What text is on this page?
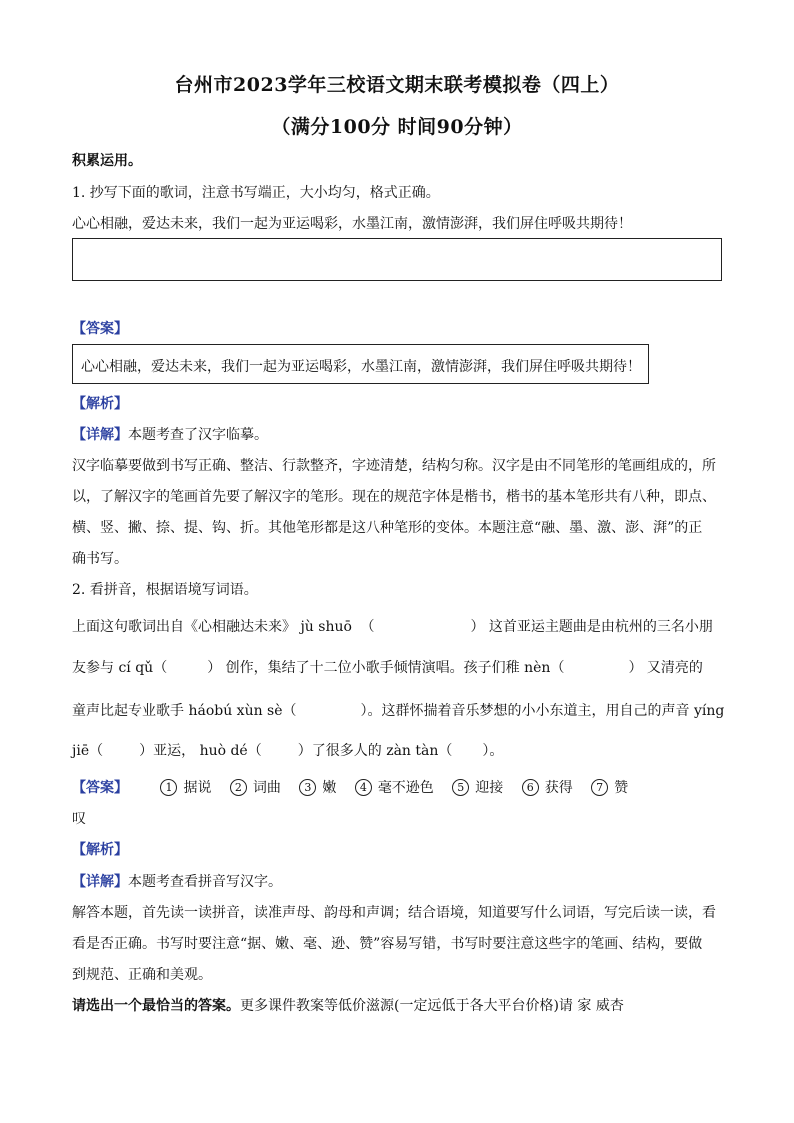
台州市2023学年三校语文期末联考模拟卷（四上）
（满分100分 时间90分钟）
积累运用。
1. 抄写下面的歌词，注意书写端正，大小均匀，格式正确。
心心相融，爱达未来，我们一起为亚运喝彩，水墨江南，激情澎湃，我们屏住呼吸共期待！
【答案】
心心相融，爱达未来，我们一起为亚运喝彩，水墨江南，激情澎湃，我们屏住呼吸共期待！
【解析】
【详解】本题考查了汉字临摹。
汉字临摹要做到书写正确、整洁、行款整齐，字迹清楚，结构匀称。汉字是由不同笔形的笔画组成的，所
以，了解汉字的笔画首先要了解汉字的笔形。现在的规范字体是楷书，楷书的基本笔形共有八种，即点、
横、竖、撇、捺、提、钩、折。其他笔形都是这八种笔形的变体。本题注意“融、墨、激、澎、湃”的正
确书写。
2. 看拼音，根据语境写词语。
上面这句歌词出自《心相融达未来》 jù shuō （	） 这首亚运主题曲是由杭州的三名小朋
友参与 cí qǔ（	） 创作，集结了十二位小歌手倾情演唱。孩子们稚 nèn（	） 又清亮的
童声比起专业歌手 háobú xùn sè（	）。这群怀揣着音乐梦想的小小东道主，用自己的声音 yíng
jiē（	）亚运， huò dé（	）了很多人的 zàn tàn（ ）。
【答案】	1 据说 2 词曲 3 嫩 4 毫不逊色 5 迎接 6 获得 7 赞
叹
【解析】
【详解】本题考查看拼音写汉字。
解答本题，首先读一读拼音，读准声母、韵母和声调；结合语境，知道要写什么词语，写完后读一读，看
看是否正确。书写时要注意“据、嫩、毫、逊、赞”容易写错，书写时要注意这些字的笔画、结构，要做
到规范、正确和美观。
请选出一个最恰当的答案。更多课件教案等低价滋源(一定远低于各大平台价格)请 家 威杏
